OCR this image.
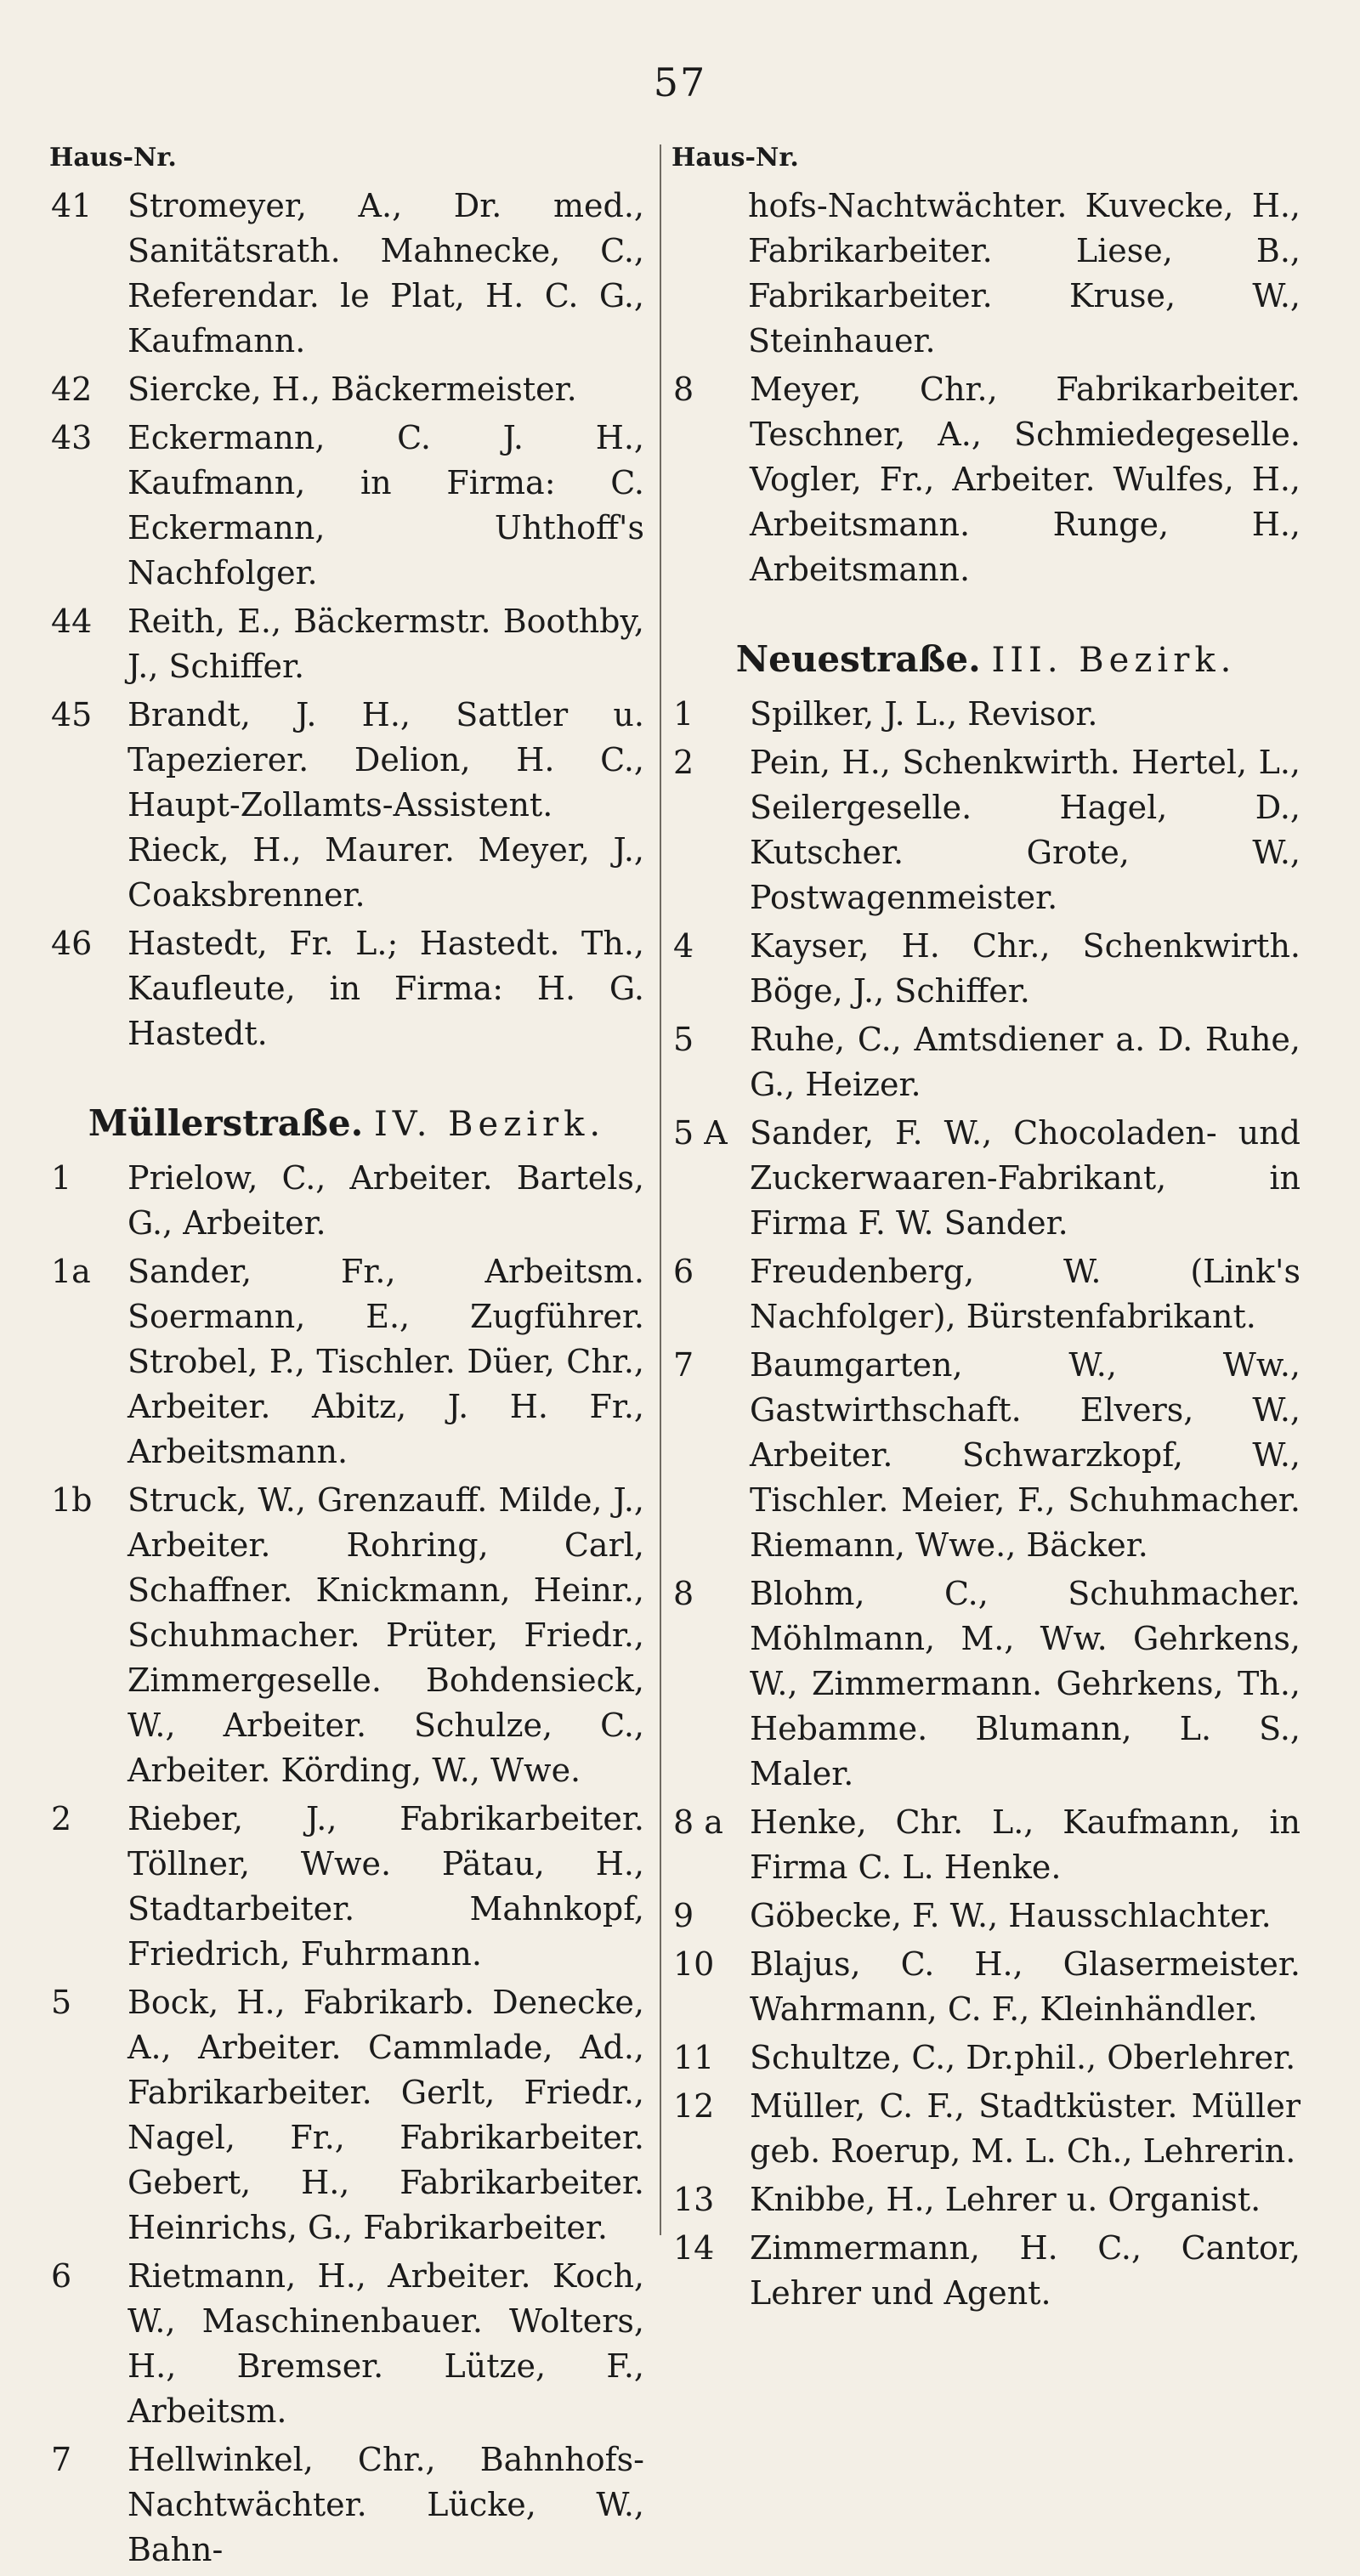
57
Haus-Nr.
41	Stromeyer, A., Dr. med., Sanitätsrath. Mahnecke, C., Referendar. le Plat, H. C. G., Kaufmann.
42	Siercke, H., Bäckermeister.
43	Eckermann, C. J. H., Kaufmann, in Firma: C. Eckermann, Uhthoff's Nachfolger.
44	Reith, E., Bäckermstr. Boothby, J., Schiffer.
45	Brandt, J. H., Sattler u. Tapezierer. Delion, H. C., Haupt-Zollamts-Assistent. Rieck, H., Maurer. Meyer, J., Coaksbrenner.
46	Hastedt, Fr. L.; Hastedt. Th., Kaufleute, in Firma: H. G. Hastedt.
Müllerstraße. IV. Bezirk.
1	Prielow, C., Arbeiter. Bartels, G., Arbeiter.
1a	Sander, Fr., Arbeitsm. Soermann, E., Zugführer. Strobel, P., Tischler. Düer, Chr., Arbeiter. Abitz, J. H. Fr., Arbeitsmann.
1b	Struck, W., Grenzauff. Milde, J., Arbeiter. Rohring, Carl, Schaffner. Knickmann, Heinr., Schuhmacher. Prüter, Friedr., Zimmergeselle. Bohdensieck, W., Arbeiter. Schulze, C., Arbeiter. Körding, W., Wwe.
2	Rieber, J., Fabrikarbeiter. Töllner, Wwe. Pätau, H., Stadtarbeiter. Mahnkopf, Friedrich, Fuhrmann.
5	Bock, H., Fabrikarb. Denecke, A., Arbeiter. Cammlade, Ad., Fabrikarbeiter. Gerlt, Friedr., Nagel, Fr., Fabrikarbeiter. Gebert, H., Fabrikarbeiter. Heinrichs, G., Fabrikarbeiter.
6	Rietmann, H., Arbeiter. Koch, W., Maschinenbauer. Wolters, H., Bremser. Lütze, F., Arbeitsm.
7	Hellwinkel, Chr., Bahnhofs-Nachtwächter. Lücke, W., Bahn-
Haus-Nr.
hofs-Nachtwächter. Kuvecke, H., Fabrikarbeiter. Liese, B., Fabrikarbeiter. Kruse, W., Steinhauer.
8	Meyer, Chr., Fabrikarbeiter. Teschner, A., Schmiedegeselle. Vogler, Fr., Arbeiter. Wulfes, H., Arbeitsmann. Runge, H., Arbeitsmann.
Neuestraße. III. Bezirk.
1	Spilker, J. L., Revisor.
2	Pein, H., Schenkwirth. Hertel, L., Seilergeselle. Hagel, D., Kutscher. Grote, W., Postwagenmeister.
4	Kayser, H. Chr., Schenkwirth. Böge, J., Schiffer.
5	Ruhe, C., Amtsdiener a. D. Ruhe, G., Heizer.
5 A Sander, F. W., Chocoladen- und Zuckerwaaren-Fabrikant, in Firma F. W. Sander.
6	Freudenberg, W. (Link's Nachfolger), Bürstenfabrikant.
7	Baumgarten, W., Ww., Gastwirthschaft. Elvers, W., Arbeiter. Schwarzkopf, W., Tischler. Meier, F., Schuhmacher. Riemann, Wwe., Bäcker.
8	Blohm, C., Schuhmacher. Möhlmann, M., Ww. Gehrkens, W., Zimmermann. Gehrkens, Th., Hebamme. Blumann, L. S., Maler.
8 a Henke, Chr. L., Kaufmann, in Firma C. L. Henke.
9	Göbecke, F. W., Hausschlachter.
10	Blajus, C. H., Glasermeister. Wahrmann, C. F., Kleinhändler.
11	Schultze, C., Dr.phil., Oberlehrer.
12	Müller, C. F., Stadtküster. Müller geb. Roerup, M. L. Ch., Lehrerin.
13	Knibbe, H., Lehrer u. Organist.
14	Zimmermann, H. C., Cantor, Lehrer und Agent.
